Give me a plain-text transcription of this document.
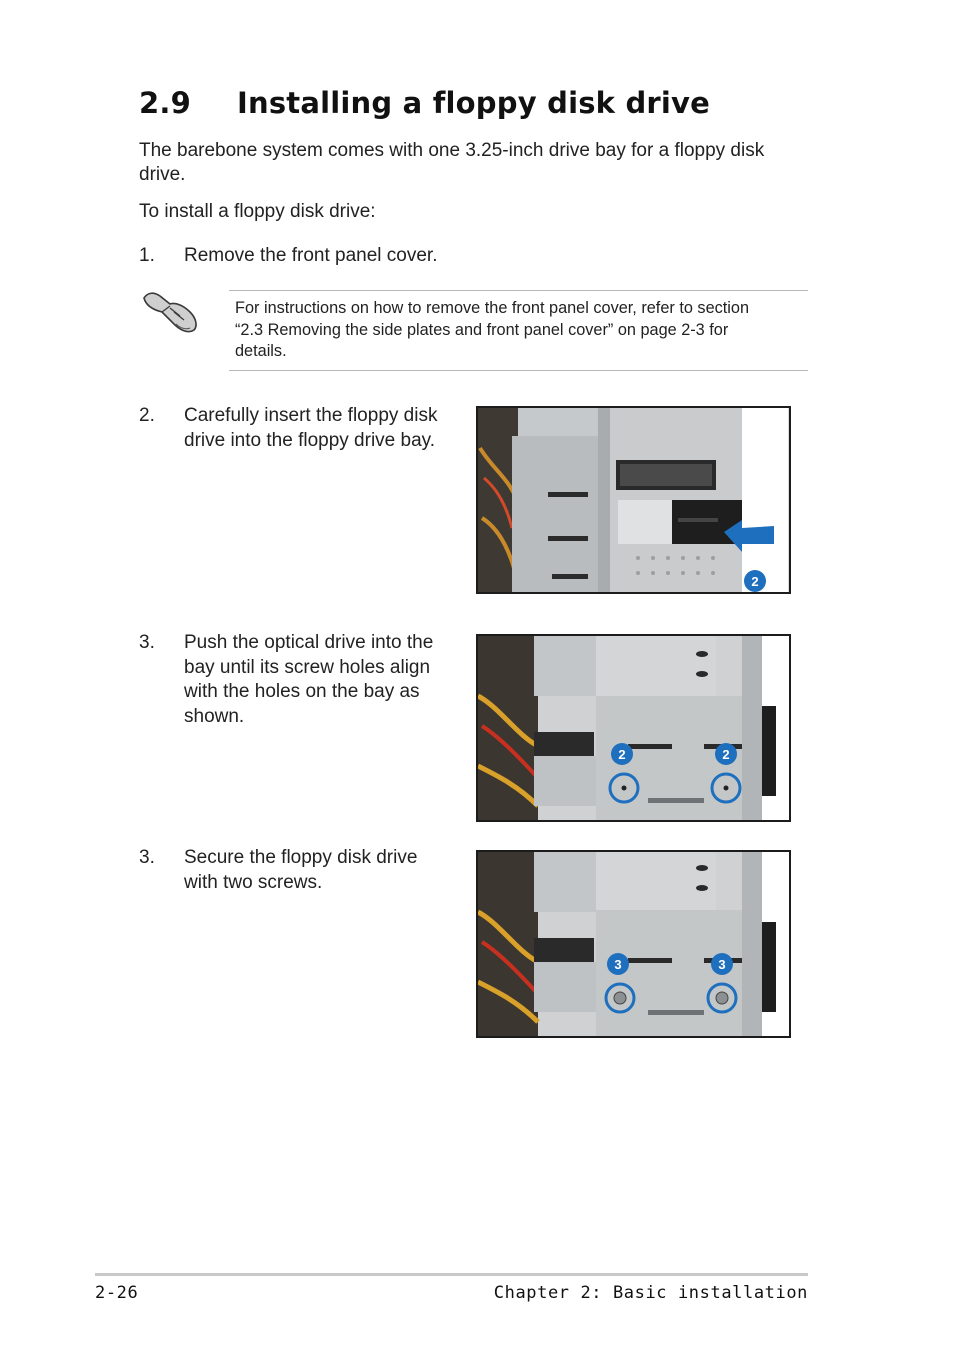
2.9 Installing a floppy disk drive
The barebone system comes with one 3.25-inch drive bay for a floppy disk
drive.
To install a floppy disk drive:
1. Remove the front panel cover.
For instructions on how to remove the front panel cover, refer to section
“2.3 Removing the side plates and front panel cover” on page 2-3 for
details.
2. Carefully insert the floppy disk
drive into the floppy drive bay.
2
3. Push the optical drive into the
bay until its screw holes align
with the holes on the bay as
shown.
2	2
3. Secure the floppy disk drive
with two screws.
3	3
2-26	Chapter 2: Basic installation
